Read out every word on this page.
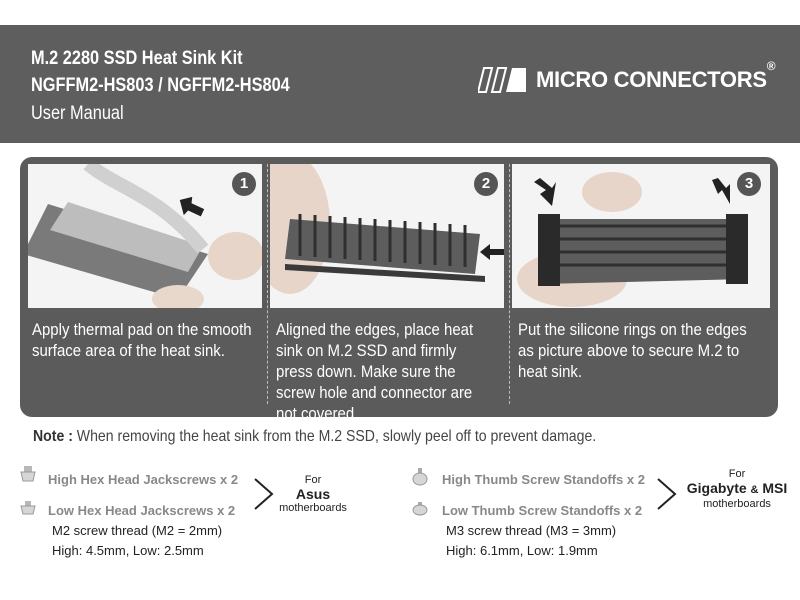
M.2 2280 SSD Heat Sink Kit
NGFFM2-HS803 / NGFFM2-HS804
User Manual
MICRO CONNECTORS®
1
Apply thermal pad on the smooth surface area of the heat sink.
2
Aligned the edges, place heat sink on M.2 SSD and firmly press down. Make sure the screw hole and connector are not covered.
3
Put the silicone rings on the edges as picture above to secure M.2 to heat sink.
Note : When removing the heat sink from the M.2 SSD, slowly peel off to prevent damage.
High Hex Head Jackscrews x 2
Low Hex Head Jackscrews x 2
For
Asus
motherboards
M2 screw thread (M2 = 2mm)
High: 4.5mm, Low: 2.5mm
High Thumb Screw Standoffs x 2
Low Thumb Screw Standoffs x 2
For
Gigabyte & MSI
motherboards
M3 screw thread (M3 = 3mm)
High: 6.1mm, Low: 1.9mm
